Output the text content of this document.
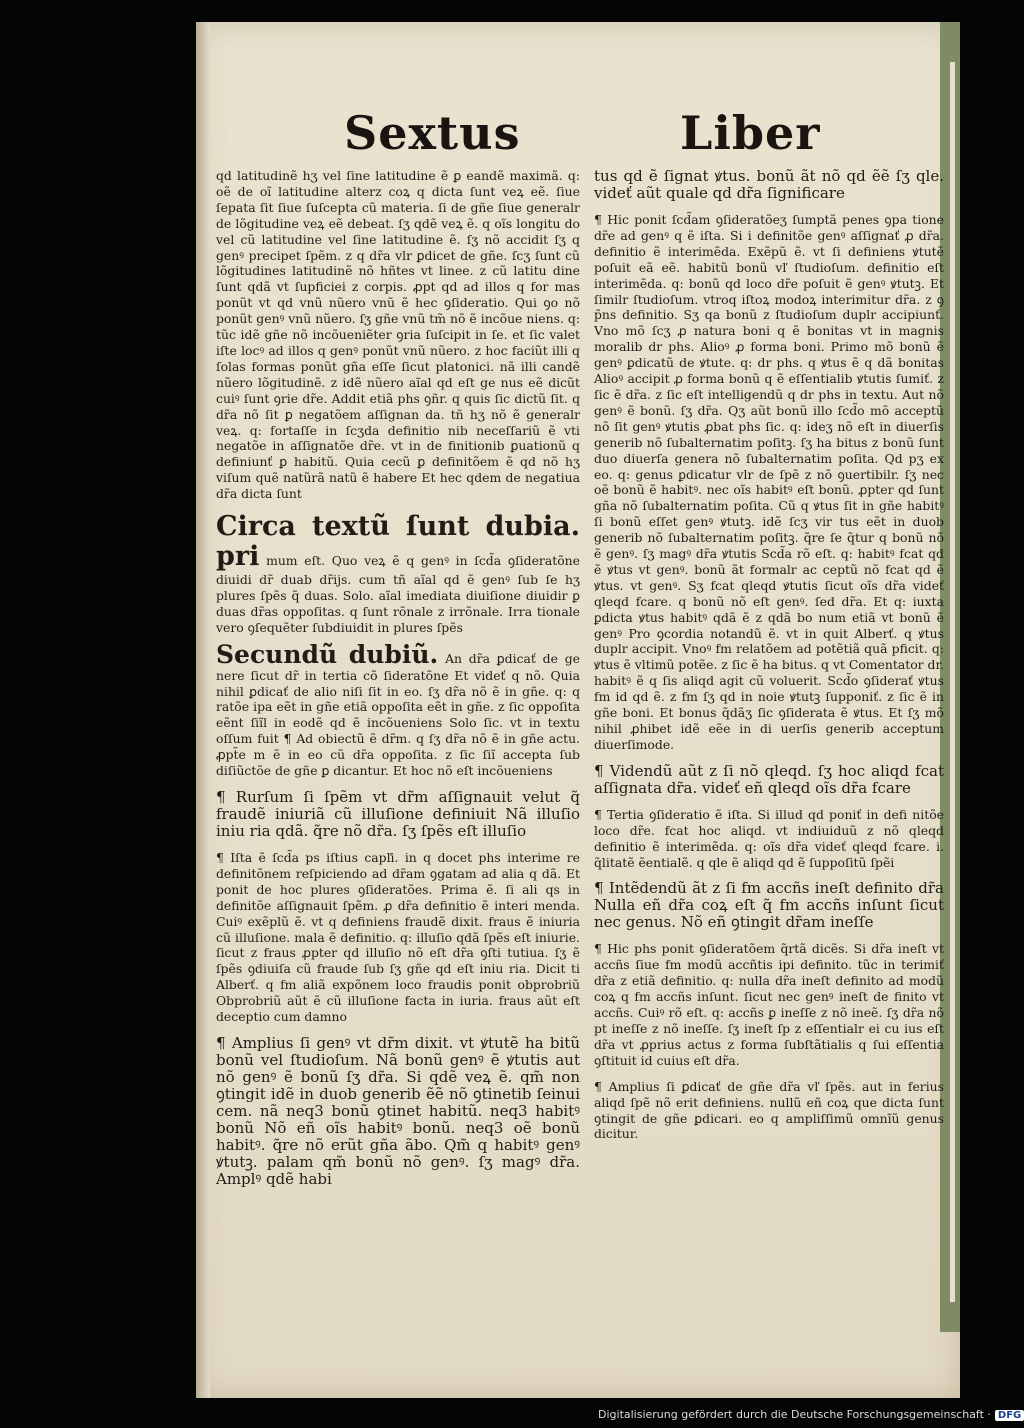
Sextus	Liber

qd latitudinẽ hʒ vel ſine latitudine ẽ ꝑ eandẽ maximã. q: oẽ de oĩ latitudine alterz coꝝ q dicta ſunt veꝝ eẽ. ſiue ſepata ſit ſiue ſuſcepta cũ materia. ſi de gñe ſiue generalr de lõgitudine veꝝ eẽ debeat. ſʒ qdẽ veꝝ ẽ. q oĩs longitu do vel cũ latitudine vel ſine latitudine ẽ. ſʒ nõ accidit ſʒ q genꝰ precipet ſpẽm. z q dr̃a vlr ꝑdicet de gñe. ſcʒ ſunt cũ lõgitudines latitudinẽ nõ hñtes vt linee. z cũ latitu dine ſunt qdã vt ſupficiei z corpis. ꝓpt qd ad illos q for mas ponũt vt qd vnũ nũero vnũ ẽ hec ꝯſideratio. Qui ꝯo nõ ponũt genꝰ vnũ nũero. ſʒ gñe vnũ tm̃ nõ ẽ incõue niens. q: tũc idẽ gñe nõ incõueniẽter ꝯria ſuſcipit in ſe. et ſic valet iſte locꝰ ad illos q genꝰ ponũt vnũ nũero. z hoc faciũt illi q ſolas formas ponũt gña eſſe ſicut platonici. nã illi candẽ nũero lõgitudinẽ. z idẽ nũero aĩal qd eſt ge nus eẽ dicũt cuiꝰ ſunt ꝯrie dr̃e. Addit etiã phs ꝯñr. q quis ſic dictũ ſit. q dr̃a nõ ſit ꝑ negatõem aſſignan da. tñ hʒ nõ ẽ generalr veꝝ. q: fortaſſe in ſcʒda definitio nib neceſſariũ ẽ vti negatõe in aſſignatõe dr̃e. vt in de finitionib ꝑuationũ q definiunť ꝑ habitũ. Quia cecũ ꝑ definitõem ẽ qd nõ hʒ viſum quẽ natũrã natũ ẽ habere Et hec qdem de negatiua dr̃a dicta ſunt

Circa textũ ſunt dubia. pri mum eſt. Quo veꝝ ẽ q genꝰ in ſcd̃a ꝯſideratõne diuidi dr̃ duab dr̃ijs. cum tñ aĩal qd ẽ genꝰ ſub ſe hʒ plures ſpẽs q̃ duas. Solo. aĩal imediata diuiſione diuidir ꝑ duas dr̃as oppoſitas. q ſunt rõnale z irrõnale. Irra tionale vero ꝯſequẽter ſubdiuidit in plures ſpẽs

Secundũ dubiũ. An dr̃a ꝑdicať de ge nere ſicut dr̃ in tertia cõ ſideratõne Et videť q nõ. Quia nihil ꝑdicať de alio niſi ſit in eo. ſʒ dr̃a nõ ẽ in gñe. q: q ratõe ipa eẽt in gñe etiã oppoſita eẽt in gñe. z ſic oppoſita eẽnt ſiĩl in eodẽ qd ẽ incõueniens Solo ſic. vt in textu oſſum fuit ¶ Ad obiectũ ẽ dr̃m. q ſʒ dr̃a nõ ẽ in gñe actu. ꝓpt̃e m ẽ in eo cũ dr̃a oppoſita. z ſic ſiĩ accepta ſub diſiũctõe de gñe ꝑ dicantur. Et hoc nõ eſt incõueniens

¶ Rurſum ſi ſpẽm vt dr̃m aſſignauit velut q̃ fraudẽ iniuriã cũ illuſione definiuit Nã illuſio iniu ria qdã. q̃re nõ dr̃a. ſʒ ſpẽs eſt illuſio

¶ Iſta ẽ ſcd̃a ps iſtius capľi. in q docet phs interime re definitõnem reſpiciendo ad dr̃am ꝯgatam ad alia q dã. Et ponit de hoc plures ꝯſideratões. Prima ẽ. ſi ali qs in definitõe aſſignauit ſpẽm. ꝓ dr̃a definitio ẽ interi menda. Cuiꝰ exẽplũ ẽ. vt q definiens fraudẽ dixit. fraus ẽ iniuria cũ illuſione. mala ẽ definitio. q: illuſio qdã ſpẽs eſt iniurie. ſicut z fraus ꝓpter qd illuſio nõ eſt dr̃a ꝯſti tutiua. ſʒ ẽ ſpẽs ꝯdiuiſa cũ fraude ſub ſʒ gñe qd eſt iniu ria. Dicit ti Alberť. q fm aliã expõnem loco fraudis ponit obprobriũ Obprobriũ aũt ẽ cũ illuſione facta in iuria. fraus aũt eſt deceptio cum damno

¶ Amplius ſi genꝰ vt dr̃m dixit. vt ꝟtutẽ ha bitũ bonũ vel ſtudioſum. Nã bonũ genꝰ ẽ ꝟtutis aut nõ genꝰ ẽ bonũ ſʒ dr̃a. Si qdẽ veꝝ ẽ. qm̃ non ꝯtingit idẽ in duob generib ẽẽ nõ ꝯtinetib ſeinui cem. nã neq3 bonũ ꝯtinet habitũ. neq3 habitꝰ bonũ Nõ eñ oĩs habitꝰ bonũ. neq3 oẽ bonũ habitꝰ. q̃re nõ erũt gña ãbo. Qm̃ q habitꝰ genꝰ ꝟtutꝫ. palam qm̃ bonũ nõ genꝰ. ſʒ magꝰ dr̃a. Amplꝰ qdẽ habi

tus qd ẽ ſignat ꝟtus. bonũ ãt nõ qd ẽẽ ſʒ qle. videť aũt quale qd dr̃a ſignificare

¶ Hic ponit ſcd̃am ꝯſideratõeʒ ſumptã penes ꝯpa tione dr̃e ad genꝰ q ẽ iſta. Si i definitõe genꝰ aſſignať ꝓ dr̃a. definitio ẽ interimẽda. Exẽpũ ẽ. vt ſi definiens ꝟtutẽ poſuit eã eẽ. habitũ bonũ vľ ſtudioſum. definitio eſt interimẽda. q: bonũ qd loco dr̃e poſuit ẽ genꝰ ꝟtutꝫ. Et ſimilr ſtudioſum. vtroq iſtoꝝ modoꝝ interimitur dr̃a. z ꝯ p̃ns definitio. Sʒ qa bonũ z ſtudioſum duplr accipiunť. Vno mõ ſcʒ ꝓ natura boni q ẽ bonitas vt in magnis moralib dr phs. Alioꝰ ꝓ forma boni. Primo mõ bonũ ẽ genꝰ ꝑdicatũ de ꝟtute. q: dr phs. q ꝟtus ẽ q dã bonitas Alioꝰ accipit ꝓ forma bonũ q ẽ eſſentialib ꝟtutis ſumiť. z ſic ẽ dr̃a. z ſic eſt intelligendũ q dr phs in textu. Aut nõ genꝰ ẽ bonũ. ſʒ dr̃a. Qʒ aũt bonũ illo ſcd̃o mõ acceptũ nõ ſit genꝰ ꝟtutis ꝓbat phs ſic. q: ideʒ nõ eſt in diuerſis generib nõ ſubalternatim poſitꝫ. ſʒ ha bitus z bonũ ſunt duo diuerſa genera nõ ſubalternatim poſita. Qd pʒ ex eo. q: genus ꝑdicatur vlr de ſpẽ z nõ ꝯuertibilr. ſʒ nec oẽ bonũ ẽ habitꝰ. nec oĩs habitꝰ eſt bonũ. ꝓpter qd ſunt gña nõ ſubalternatim poſita. Cũ q ꝟtus ſit in gñe habitꝰ ſi bonũ eſſet genꝰ ꝟtutꝫ. idẽ ſcʒ vir tus eẽt in duob generib nõ ſubalternatim poſitꝫ. q̃re ſe q̃tur q bonũ nõ ẽ genꝰ. ſʒ magꝰ dr̃a ꝟtutis Scd̃a rõ eſt. q: habitꝰ fcat qd ẽ ꝟtus vt genꝰ. bonũ ãt formalr ac ceptũ nõ fcat qd ẽ ꝟtus. vt genꝰ. Sʒ fcat qleqd ꝟtutis ſicut oĩs dr̃a videť qleqd fcare. q bonũ nõ eſt genꝰ. ſed dr̃a. Et q: iuxta ꝑdicta ꝟtus habitꝰ qdã ẽ z qdã bo num etiã vt bonũ ẽ genꝰ Pro ꝯcordia notandũ ẽ. vt in quit Alberť. q ꝟtus duplr accipit. Vnoꝰ fm relatõem ad potẽtiã quã pficit. q: ꝟtus ẽ vltimũ potẽe. z ſic ẽ ha bitus. q vt Comentator dr. habitꝰ ẽ q ſis aliqd agit cũ voluerit. Scd̃o ꝯſiderať ꝟtus fm id qd ẽ. z fm ſʒ qd in noie ꝟtutꝫ ſupponiť. z ſic ẽ in gñe boni. Et bonus q̃dãʒ ſic ꝯſiderata ẽ ꝟtus. Et ſʒ mõ nihil ꝓhibet idẽ eẽe in di uerſis generib acceptum diuerſimode.

¶ Videndũ aũt z ſi nõ qleqd. ſʒ hoc aliqd fcat aſſignata dr̃a. videť eñ qleqd oĩs dr̃a fcare

¶ Tertia ꝯſideratio ẽ iſta. Si illud qd poniť in defi nitõe loco dr̃e. fcat hoc aliqd. vt indiuiduũ z nõ qleqd definitio ẽ interimẽda. q: oĩs dr̃a videť qleqd fcare. i. q̃litatẽ ẽentialẽ. q qle ẽ aliqd qd ẽ ſuppoſitũ ſpẽi

¶ Intẽdendũ ãt z ſi fm accñs ineſt definito dr̃a Nulla eñ dr̃a coꝝ eſt q̃ fm accñs inſunt ſicut nec genus. Nõ eñ ꝯtingit dr̃am ineſſe

¶ Hic phs ponit ꝯſideratõem q̃rtã dicẽs. Si dr̃a ineſt vt accñs ſiue fm modũ accñtis ipi definito. tũc in terimiť dr̃a z etiã definitio. q: nulla dr̃a ineſt definito ad modũ coꝝ q fm accñs inſunt. ſicut nec genꝰ ineſt de finito vt accñs. Cuiꝰ rõ eſt. q: accñs ꝑ ineſſe z nõ ineẽ. ſʒ dr̃a nõ pt ineſſe z nõ ineſſe. ſʒ ineſt ſp z eſſentialr ei cu ius eſt dr̃a vt ꝓprius actus z forma ſubſtãtialis q ſui eſſentia ꝯſtituit id cuius eſt dr̃a.

¶ Amplius ſi ꝑdicať de gñe dr̃a vľ ſpẽs. aut in ferius aliqd ſpẽ nõ erit definiens. nullũ eñ coꝝ que dicta ſunt ꝯtingit de gñe ꝑdicari. eo q ampliſſimũ omnĩũ genus dicitur.

Digitalisierung gefördert durch die Deutsche Forschungsgemeinschaft · DFG
